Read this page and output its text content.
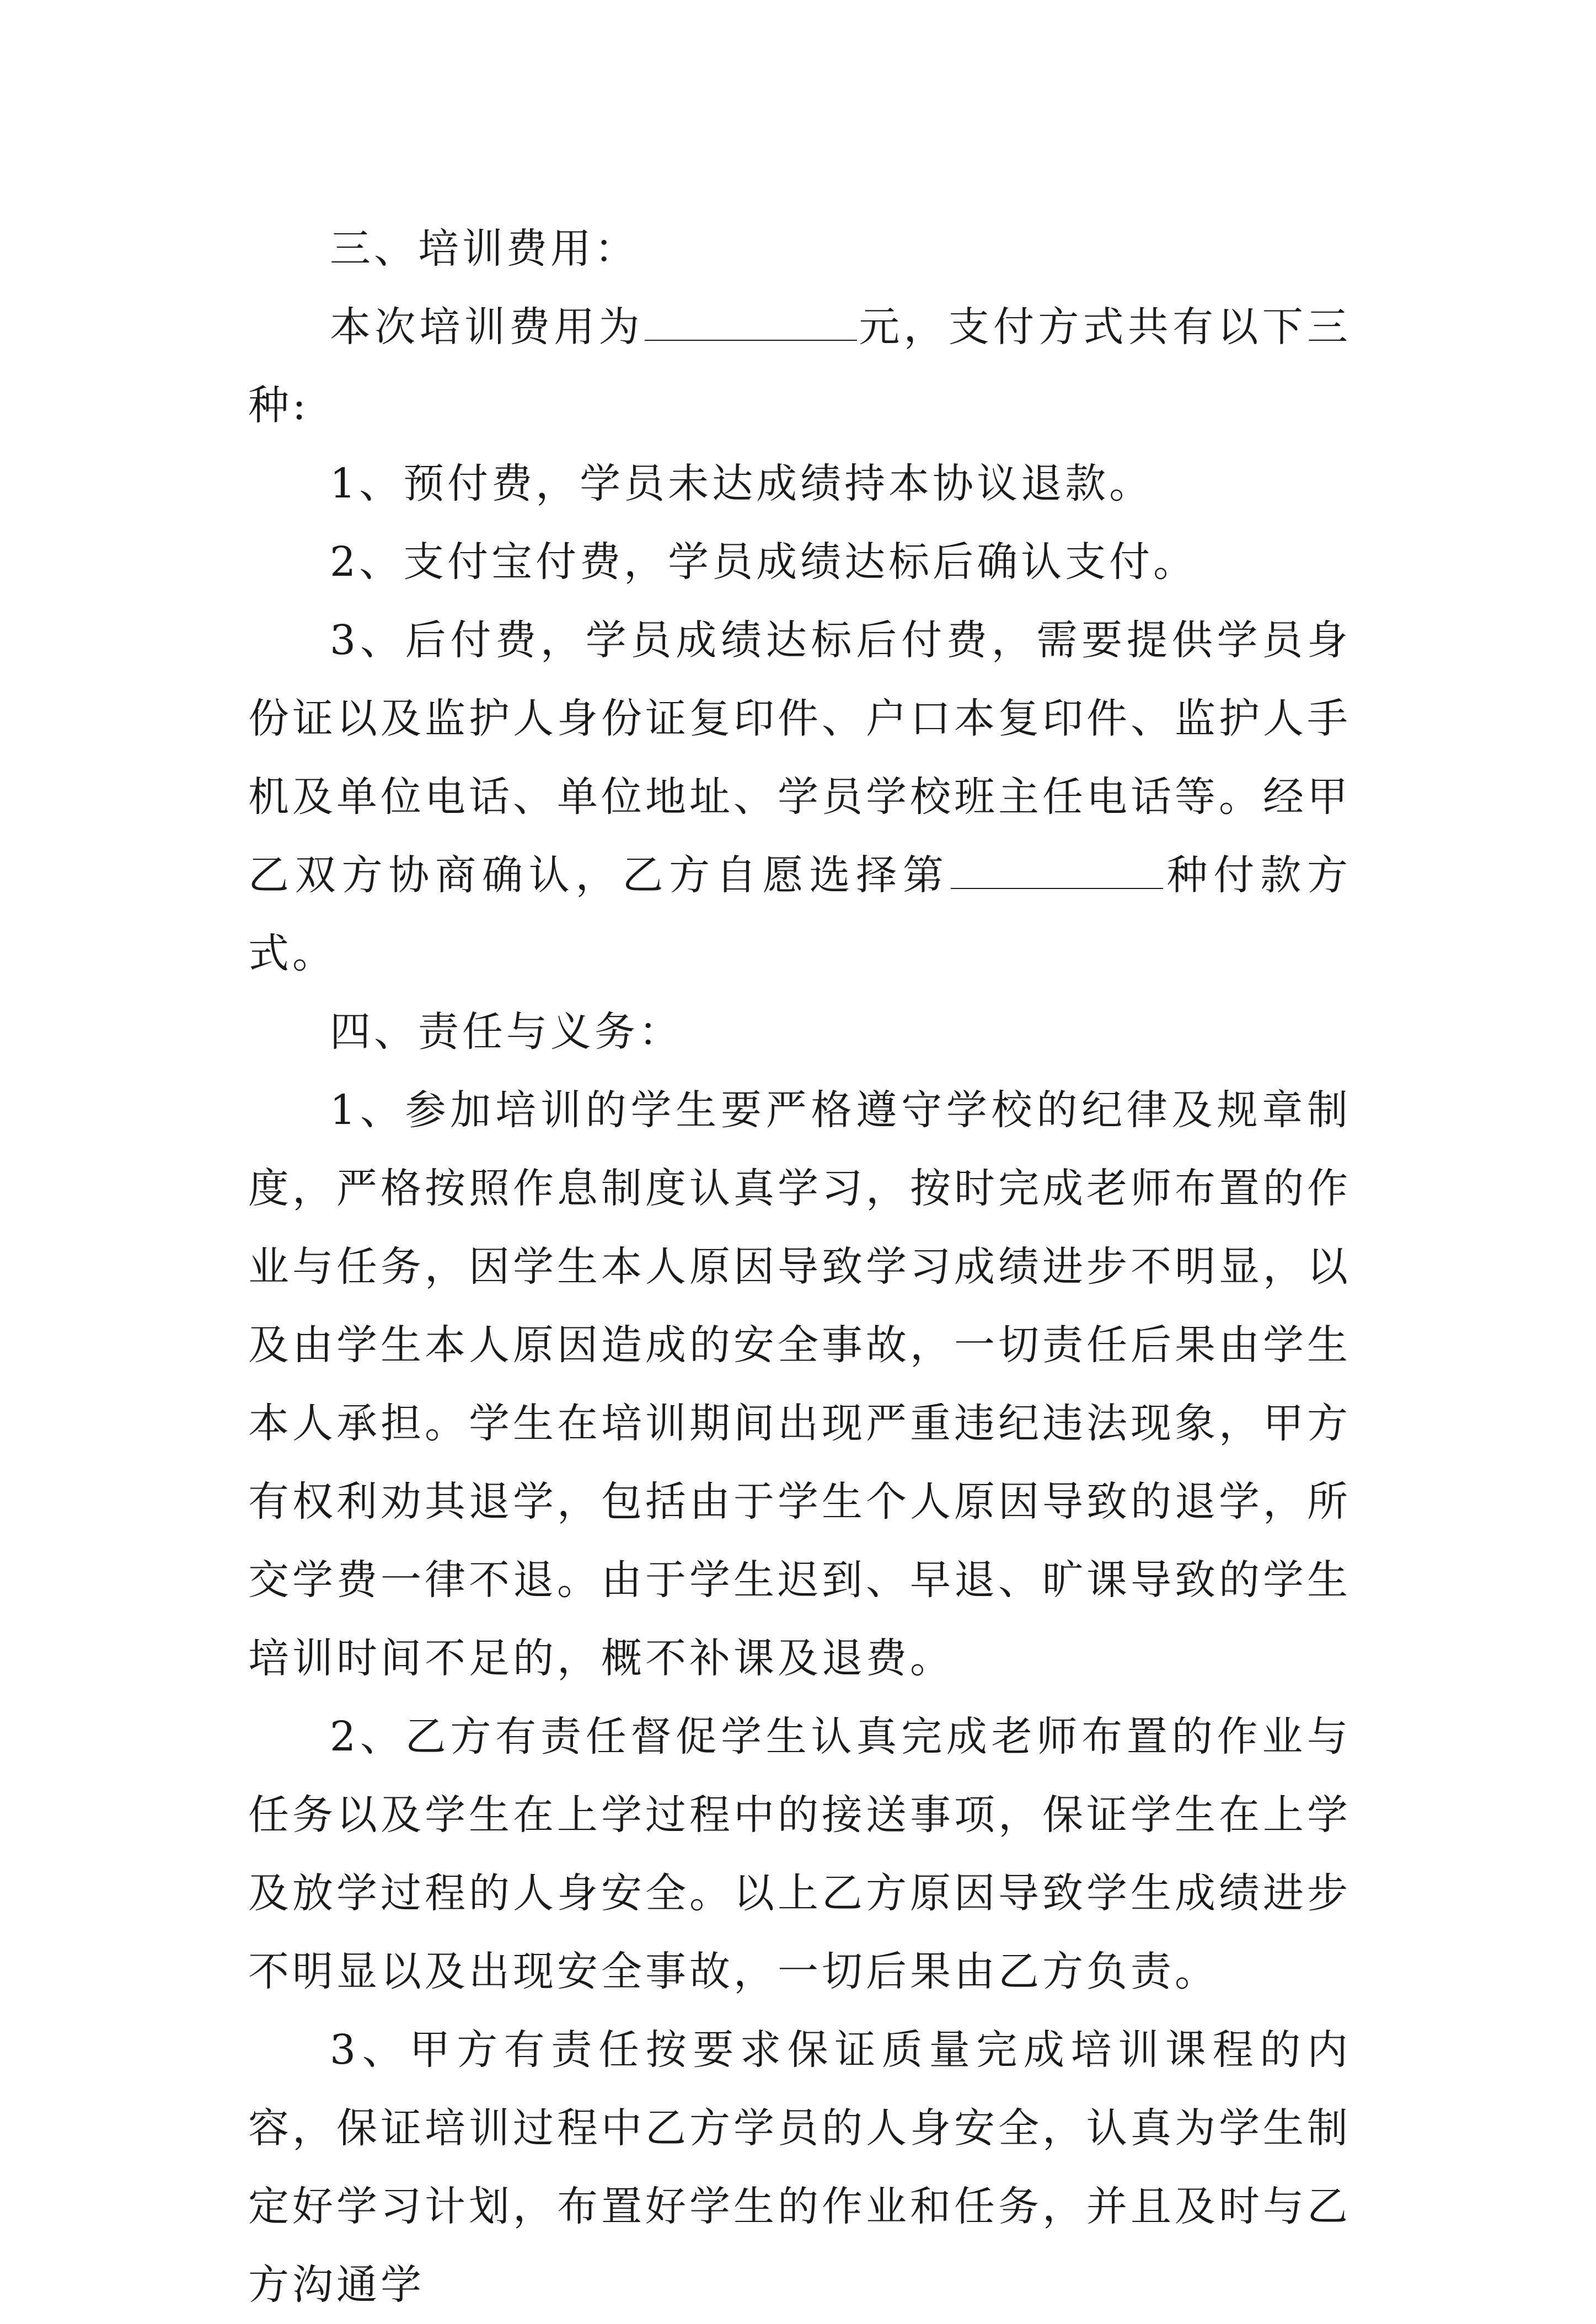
三、培训费用：

本次培训费用为	元，支付方式共有以下三种:

1、预付费，学员未达成绩持本协议退款。

2、支付宝付费，学员成绩达标后确认支付。

3、后付费，学员成绩达标后付费，需要提供学员身份证以及监护人身份证复印件、户口本复印件、监护人手机及单位电话、单位地址、学员学校班主任电话等。经甲乙双方协商确认，乙方自愿选择第	种付款方式。

四、责任与义务：

1、参加培训的学生要严格遵守学校的纪律及规章制度，严格按照作息制度认真学习，按时完成老师布置的作业与任务，因学生本人原因导致学习成绩进步不明显，以及由学生本人原因造成的安全事故，一切责任后果由学生本人承担。学生在培训期间出现严重违纪违法现象，甲方有权利劝其退学，包括由于学生个人原因导致的退学，所交学费一律不退。由于学生迟到、早退、旷课导致的学生培训时间不足的，概不补课及退费。

2、乙方有责任督促学生认真完成老师布置的作业与任务以及学生在上学过程中的接送事项，保证学生在上学及放学过程的人身安全。以上乙方原因导致学生成绩进步不明显以及出现安全事故，一切后果由乙方负责。

3、甲方有责任按要求保证质量完成培训课程的内容，保证培训过程中乙方学员的人身安全，认真为学生制定好学习计划，布置好学生的作业和任务，并且及时与乙方沟通学
